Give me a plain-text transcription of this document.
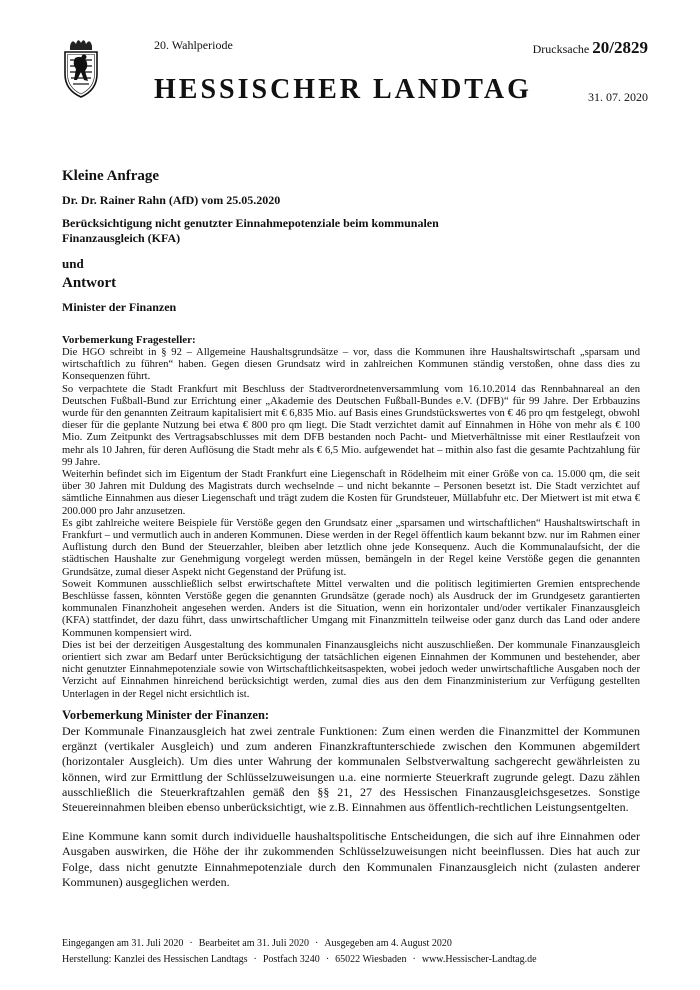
20. Wahlperiode	Drucksache 20/2829
HESSISCHER LANDTAG	31. 07. 2020
Kleine Anfrage
Dr. Dr. Rainer Rahn (AfD) vom 25.05.2020
Berücksichtigung nicht genutzter Einnahmepotenziale beim kommunalen Finanzausgleich (KFA)
und
Antwort
Minister der Finanzen
Vorbemerkung Fragesteller:

Die HGO schreibt in § 92 – Allgemeine Haushaltsgrundsätze – vor, dass die Kommunen ihre Haushaltswirtschaft „sparsam und wirtschaftlich zu führen“ haben. Gegen diesen Grundsatz wird in zahlreichen Kommunen ständig verstoßen, ohne dass dies zu Konsequenzen führt.

So verpachtete die Stadt Frankfurt mit Beschluss der Stadtverordnetenversammlung vom 16.10.2014 das Rennbahnareal an den Deutschen Fußball-Bund zur Errichtung einer „Akademie des Deutschen Fußball-Bundes e.V. (DFB)“ für 99 Jahre. Der Erbbauzins wurde für den genannten Zeitraum kapitalisiert mit € 6,835 Mio. auf Basis eines Grundstückswertes von € 46 pro qm festgelegt, obwohl dieser für die geplante Nutzung bei etwa € 800 pro qm liegt. Die Stadt verzichtet damit auf Einnahmen in Höhe von mehr als € 100 Mio. Zum Zeitpunkt des Vertragsabschlusses mit dem DFB bestanden noch Pacht- und Mietverhältnisse mit einer Restlaufzeit von mehr als 10 Jahren, für deren Auflösung die Stadt mehr als € 6,5 Mio. aufgewendet hat – mithin also fast die gesamte Pachtzahlung für 99 Jahre.

Weiterhin befindet sich im Eigentum der Stadt Frankfurt eine Liegenschaft in Rödelheim mit einer Größe von ca. 15.000 qm, die seit über 30 Jahren mit Duldung des Magistrats durch wechselnde – und nicht bekannte – Personen besetzt ist. Die Stadt verzichtet auf sämtliche Einnahmen aus dieser Liegenschaft und trägt zudem die Kosten für Grundsteuer, Müllabfuhr etc. Der Mietwert ist mit etwa € 200.000 pro Jahr anzusetzen.

Es gibt zahlreiche weitere Beispiele für Verstöße gegen den Grundsatz einer „sparsamen und wirtschaftlichen“ Haushaltswirtschaft in Frankfurt – und vermutlich auch in anderen Kommunen. Diese werden in der Regel öffentlich kaum bekannt bzw. nur im Rahmen einer Auflistung durch den Bund der Steuerzahler, bleiben aber letztlich ohne jede Konsequenz. Auch die Kommunalaufsicht, der die städtischen Haushalte zur Genehmigung vorgelegt werden müssen, bemängeln in der Regel keine Verstöße gegen die genannten Grundsätze, zumal dieser Aspekt nicht Gegenstand der Prüfung ist.

Soweit Kommunen ausschließlich selbst erwirtschaftete Mittel verwalten und die politisch legitimierten Gremien entsprechende Beschlüsse fassen, könnten Verstöße gegen die genannten Grundsätze (gerade noch) als Ausdruck der im Grundgesetz garantierten kommunalen Finanzhoheit angesehen werden. Anders ist die Situation, wenn ein horizontaler und/oder vertikaler Finanzausgleich (KFA) stattfindet, der dazu führt, dass unwirtschaftlicher Umgang mit Finanzmitteln teilweise oder ganz durch das Land oder andere Kommunen kompensiert wird.

Dies ist bei der derzeitigen Ausgestaltung des kommunalen Finanzausgleichs nicht auszuschließen. Der kommunale Finanzausgleich orientiert sich zwar am Bedarf unter Berücksichtigung der tatsächlichen eigenen Einnahmen der Kommunen und bestehender, aber nicht genutzter Einnahmepotenziale sowie von Wirtschaftlichkeitsaspekten, wobei jedoch weder unwirtschaftliche Ausgaben noch der Verzicht auf Einnahmen hinreichend berücksichtigt werden, zumal dies aus den dem Finanzministerium zur Verfügung gestellten Unterlagen in der Regel nicht ersichtlich ist.

Vorbemerkung Minister der Finanzen:

Der Kommunale Finanzausgleich hat zwei zentrale Funktionen: Zum einen werden die Finanzmittel der Kommunen ergänzt (vertikaler Ausgleich) und zum anderen Finanzkraftunterschiede zwischen den Kommunen abgemildert (horizontaler Ausgleich). Um dies unter Wahrung der kommunalen Selbstverwaltung sachgerecht gewährleisten zu können, wird zur Ermittlung der Schlüsselzuweisungen u.a. eine normierte Steuerkraft zugrunde gelegt. Dazu zählen ausschließlich die Steuerkraftzahlen gemäß den §§ 21, 27 des Hessischen Finanzausgleichsgesetzes. Sonstige Steuereinnahmen bleiben ebenso unberücksichtigt, wie z.B. Einnahmen aus öffentlich-rechtlichen Leistungsentgelten.

Eine Kommune kann somit durch individuelle haushaltspolitische Entscheidungen, die sich auf ihre Einnahmen oder Ausgaben auswirken, die Höhe der ihr zukommenden Schlüsselzuweisungen nicht beeinflussen. Dies hat auch zur Folge, dass nicht genutzte Einnahmepotenziale durch den Kommunalen Finanzausgleich nicht (zulasten anderer Kommunen) ausgeglichen werden.

Eingegangen am 31. Juli 2020 · Bearbeitet am 31. Juli 2020 · Ausgegeben am 4. August 2020
Herstellung: Kanzlei des Hessischen Landtags · Postfach 3240 · 65022 Wiesbaden · www.Hessischer-Landtag.de
